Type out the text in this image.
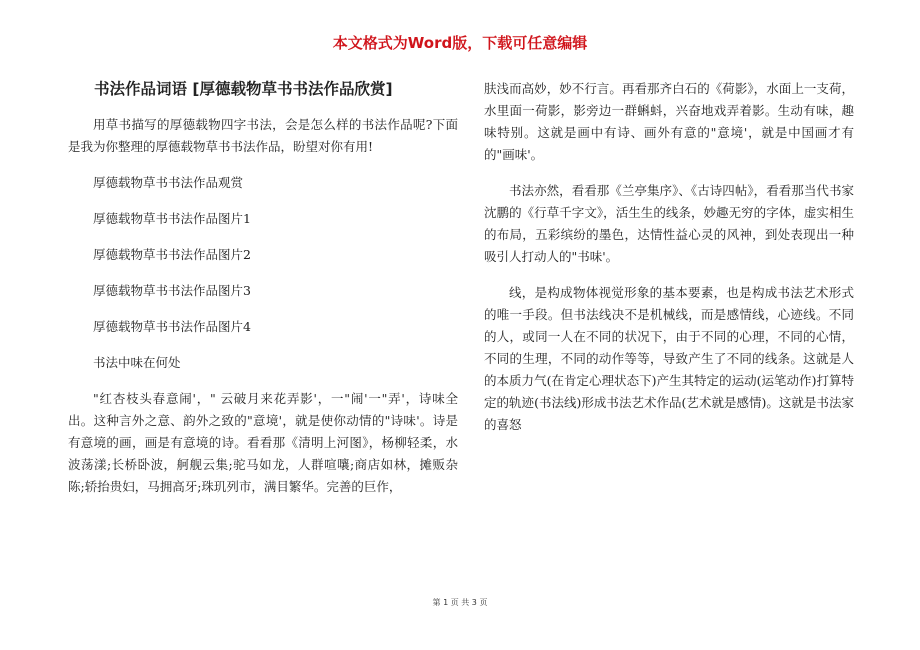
本文格式为Word版，下载可任意编辑
书法作品词语 [厚德载物草书书法作品欣赏]

用草书描写的厚德载物四字书法，会是怎么样的书法作品呢?下面是我为你整理的厚德载物草书书法作品，盼望对你有用!

厚德载物草书书法作品观赏

厚德载物草书书法作品图片1

厚德载物草书书法作品图片2

厚德载物草书书法作品图片3

厚德载物草书书法作品图片4

书法中味在何处

"红杏枝头春意闹'，" 云破月来花弄影'，一"闹'一"弄'，诗味全出。这种言外之意、韵外之致的"意境'，就是使你动情的"诗味'。诗是有意境的画，画是有意境的诗。看看那《清明上河图》，杨柳轻柔，水波荡漾;长桥卧波，舸舰云集;驼马如龙，人群喧嚷;商店如林，摊贩杂陈;轿抬贵妇，马拥高牙;珠玑列市，满目繁华。完善的巨作，

肤浅而高妙，妙不行言。再看那齐白石的《荷影》，水面上一支荷，水里面一荷影，影旁边一群蝌蚪，兴奋地戏弄着影。生动有味，趣味特别。这就是画中有诗、画外有意的"意境'，就是中国画才有的"画味'。

书法亦然，看看那《兰亭集序》、《古诗四帖》，看看那当代书家沈鹏的《行草千字文》，活生生的线条，妙趣无穷的字体，虚实相生的布局，五彩缤纷的墨色，达情性益心灵的风神，到处表现出一种吸引人打动人的"书味'。

线，是构成物体视觉形象的基本要素，也是构成书法艺术形式的唯一手段。但书法线决不是机械线，而是感情线，心迹线。不同的人，或同一人在不同的状况下，由于不同的心理，不同的心情，不同的生理，不同的动作等等，导致产生了不同的线条。这就是人的本质力气(在肯定心理状态下)产生其特定的运动(运笔动作)打算特定的轨迹(书法线)形成书法艺术作品(艺术就是感情)。这就是书法家的喜怒

第 1 页 共 3 页
